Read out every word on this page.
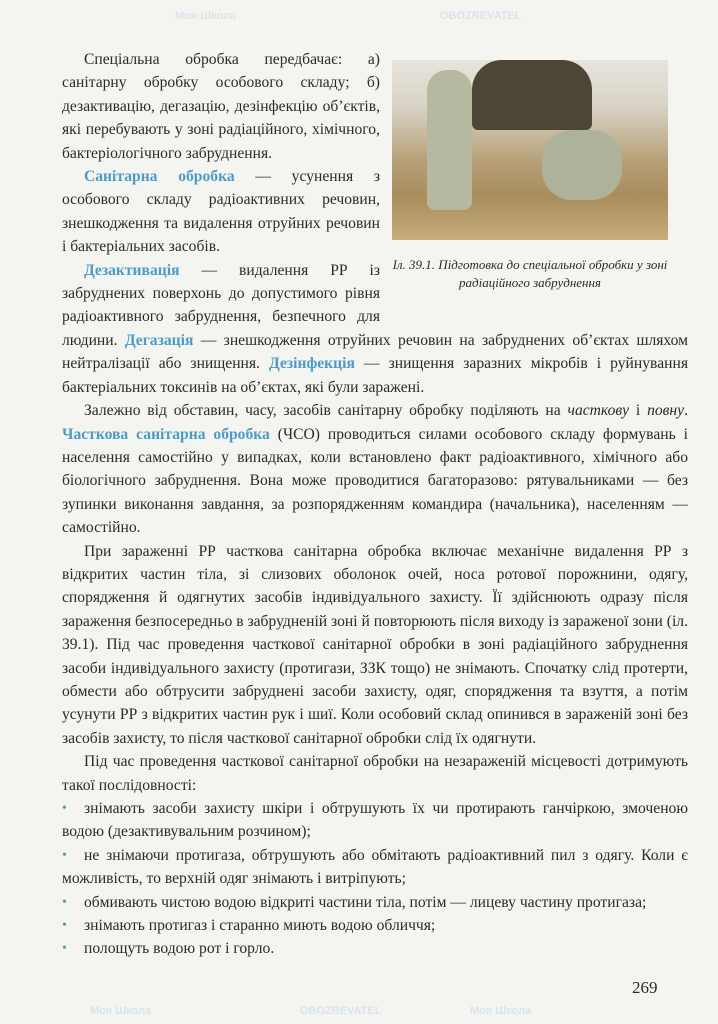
Моя Школа	OBOZREVATEL
Моя Школа	OBOZREVATEL	Моя Школа
Іл. 39.1. Підготовка до спеціальної обробки у зоні радіаційного забруднення

Спеціальна обробка передбачає: а) санітарну обробку особового складу; б) дезактивацію, дегазацію, дезінфекцію об’єктів, які перебувають у зоні радіаційного, хімічного, бактеріологічного забруднення.

Санітарна обробка — усунення з особового складу радіоактивних речовин, знешкодження та видалення отруйних речовин і бактеріальних засобів.

Дезактивація — видалення РР із забруднених поверхонь до допустимого рівня радіоактивного забруднення, безпечного для людини. Дегазація — знешкодження отруйних речовин на забруднених об’єктах шляхом нейтралізації або знищення. Дезінфекція — знищення заразних мікробів і руйнування бактеріальних токсинів на об’єктах, які були заражені.

Залежно від обставин, часу, засобів санітарну обробку поділяють на часткову і повну. Часткова санітарна обробка (ЧСО) проводиться силами особового складу формувань і населення самостійно у випадках, коли встановлено факт радіоактивного, хімічного або біологічного забруднення. Вона може проводитися багаторазово: рятувальниками — без зупинки виконання завдання, за розпорядженням командира (начальника), населенням — самостійно.

При зараженні РР часткова санітарна обробка включає механічне видалення РР з відкритих частин тіла, зі слизових оболонок очей, носа ротової порожнини, одягу, спорядження й одягнутих засобів індивідуального захисту. Її здійснюють одразу після зараження безпосередньо в забрудненій зоні й повторюють після виходу із зараженої зони (іл. 39.1). Під час проведення часткової санітарної обробки в зоні радіаційного забруднення засоби індивідуального захисту (протигази, ЗЗК тощо) не знімають. Спочатку слід протерти, обмести або обтрусити забруднені засоби захисту, одяг, спорядження та взуття, а потім усунути РР з відкритих частин рук і шиї. Коли особовий склад опинився в зараженій зоні без засобів захисту, то після часткової санітарної обробки слід їх одягнути.

Під час проведення часткової санітарної обробки на незараженій місцевості дотримують такої послідовності:

• знімають засоби захисту шкіри і обтрушують їх чи протирають ганчіркою, змоченою водою (дезактивувальним розчином);
• не знімаючи протигаза, обтрушують або обмітають радіоактивний пил з одягу. Коли є можливість, то верхній одяг знімають і витріпують;
• обмивають чистою водою відкриті частини тіла, потім — лицеву частину протигаза;
• знімають протигаз і старанно миють водою обличчя;
• полощуть водою рот і горло.
269
